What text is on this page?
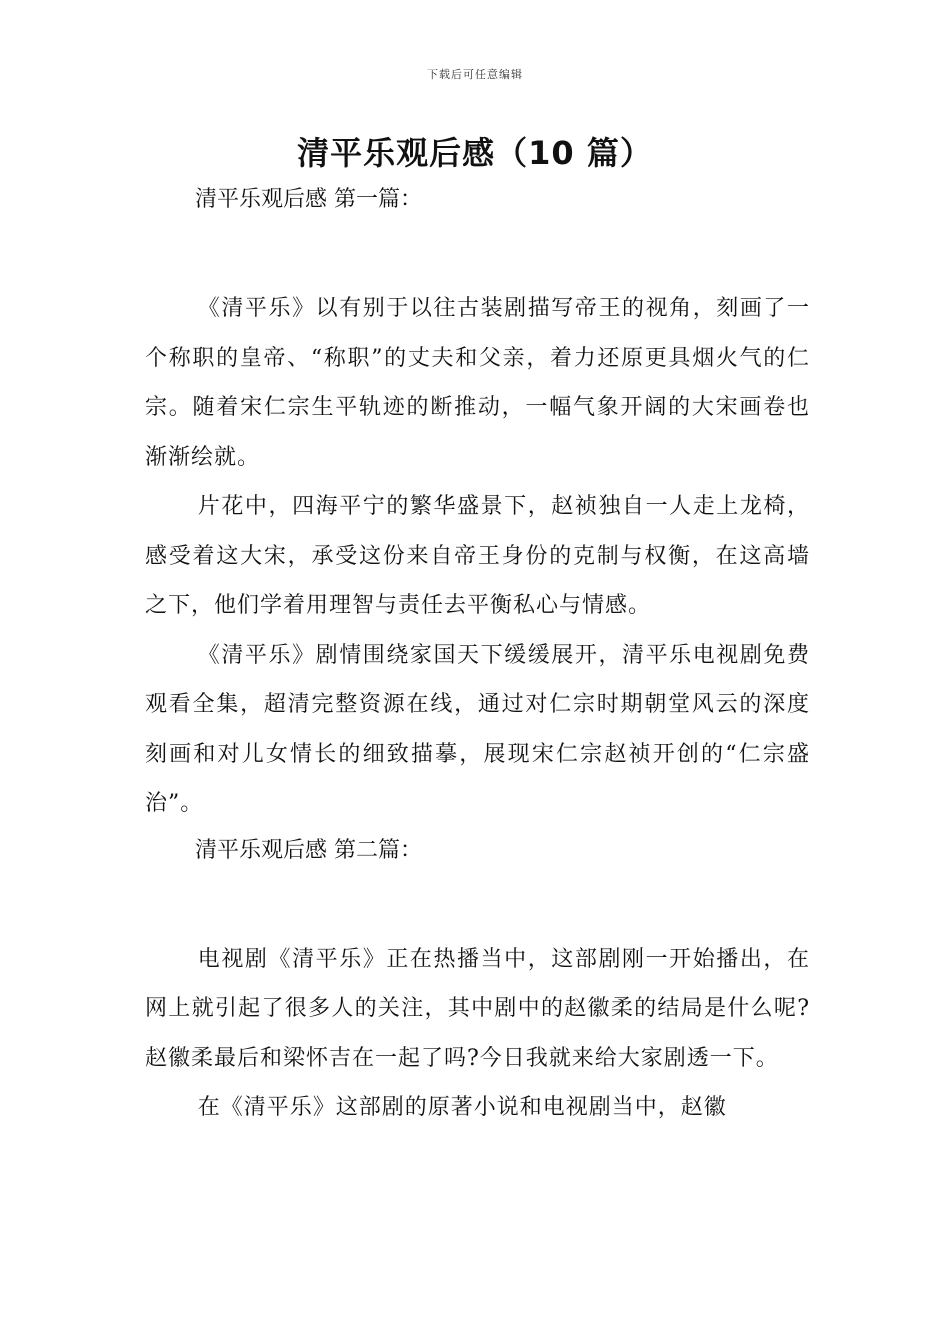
下载后可任意编辑
清平乐观后感（10 篇）
清平乐观后感 第一篇：

《清平乐》以有别于以往古装剧描写帝王的视角，刻画了一个称职的皇帝、“称职”的丈夫和父亲，着力还原更具烟火气的仁宗。随着宋仁宗生平轨迹的断推动，一幅气象开阔的大宋画卷也渐渐绘就。

片花中，四海平宁的繁华盛景下，赵祯独自一人走上龙椅，感受着这大宋，承受这份来自帝王身份的克制与权衡，在这高墙之下，他们学着用理智与责任去平衡私心与情感。

《清平乐》剧情围绕家国天下缓缓展开，清平乐电视剧免费观看全集，超清完整资源在线，通过对仁宗时期朝堂风云的深度刻画和对儿女情长的细致描摹，展现宋仁宗赵祯开创的“仁宗盛治”。

清平乐观后感 第二篇：

电视剧《清平乐》正在热播当中，这部剧刚一开始播出，在网上就引起了很多人的关注，其中剧中的赵徽柔的结局是什么呢?赵徽柔最后和梁怀吉在一起了吗?今日我就来给大家剧透一下。

在《清平乐》这部剧的原著小说和电视剧当中，赵徽
